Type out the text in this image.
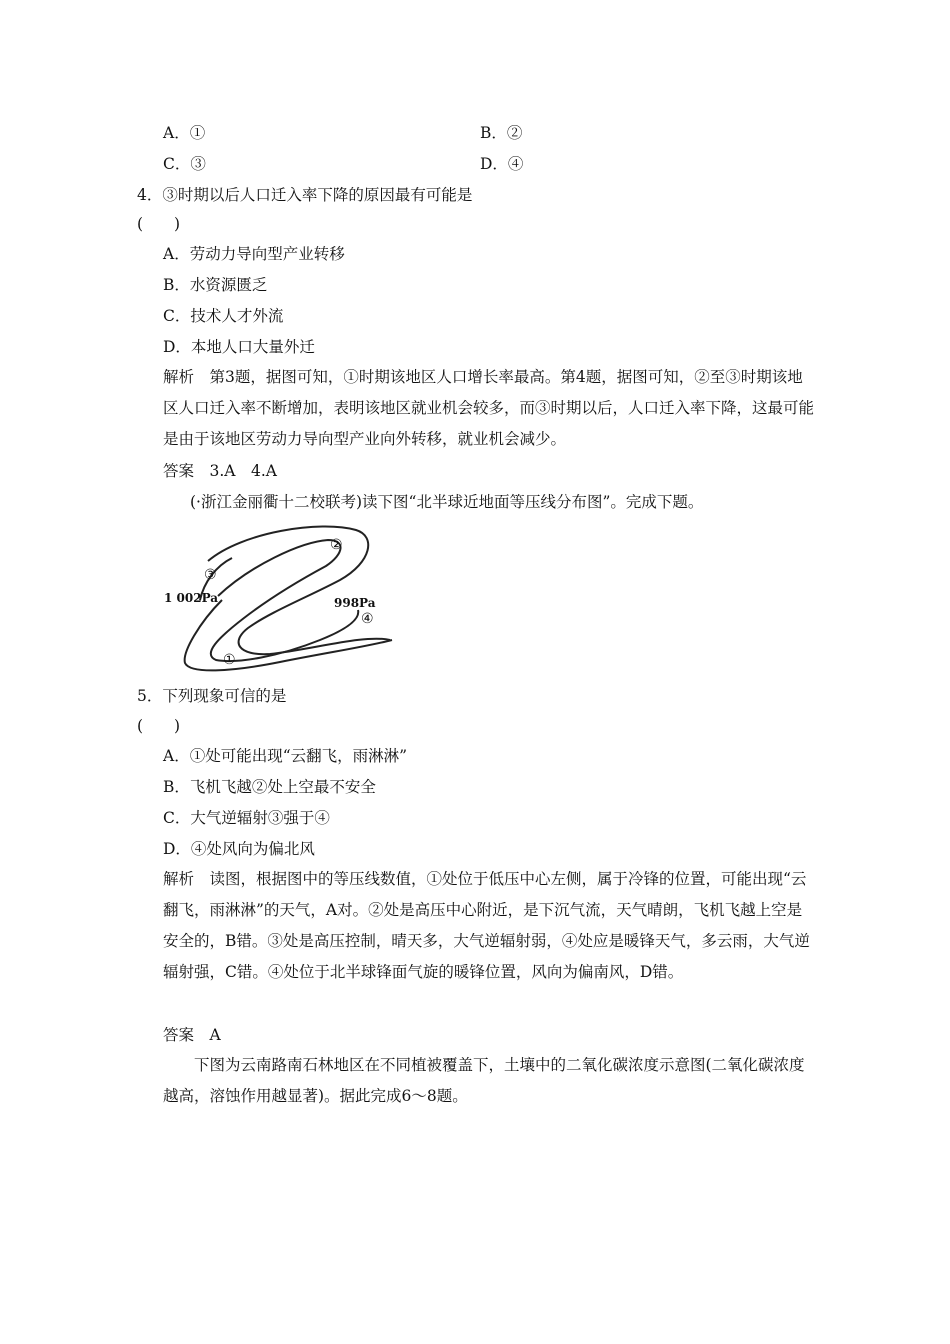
A．①	B．②
C．③	D．④
4．③时期以后人口迁入率下降的原因最有可能是
(　　)
A．劳动力导向型产业转移
B．水资源匮乏
C．技术人才外流
D．本地人口大量外迁
解析　第3题，据图可知，①时期该地区人口增长率最高。第4题，据图可知，②至③时期该地区人口迁入率不断增加，表明该地区就业机会较多，而③时期以后，人口迁入率下降，这最可能是由于该地区劳动力导向型产业向外转移，就业机会减少。
答案　3.A　4.A
(·浙江金丽衢十二校联考)读下图“北半球近地面等压线分布图”。完成下题。
1 002Pa	998Pa
①
②
③
④
5．下列现象可信的是
(　　)
A．①处可能出现“云翻飞，雨淋淋”
B．飞机飞越②处上空最不安全
C．大气逆辐射③强于④
D．④处风向为偏北风
解析　读图，根据图中的等压线数值，①处位于低压中心左侧，属于冷锋的位置，可能出现“云翻飞，雨淋淋”的天气，A对。②处是高压中心附近，是下沉气流，天气晴朗，飞机飞越上空是安全的，B错。③处是高压控制，晴天多，大气逆辐射弱，④处应是暖锋天气，多云雨，大气逆辐射强，C错。④处位于北半球锋面气旋的暖锋位置，风向为偏南风，D错。
答案　A
下图为云南路南石林地区在不同植被覆盖下，土壤中的二氧化碳浓度示意图(二氧化碳浓度越高，溶蚀作用越显著)。据此完成6～8题。
